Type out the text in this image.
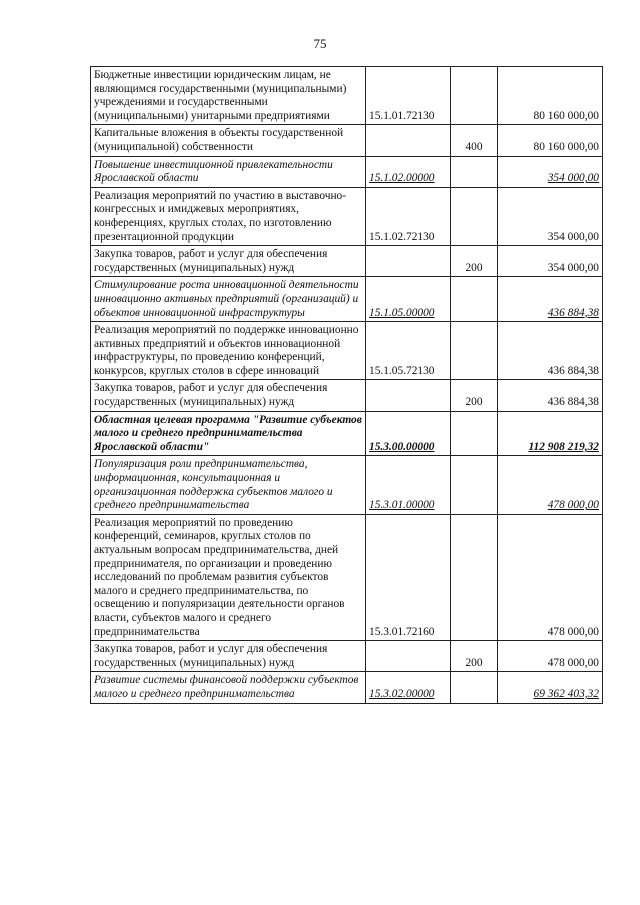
75
Бюджетные инвестиции юридическим лицам, не являющимся государственными (муниципальными) учреждениями и государственными (муниципальными) унитарными предприятиями	15.1.01.72130		80 160 000,00
Капитальные вложения в объекты государственной (муниципальной) собственности		400	80 160 000,00
Повышение инвестиционной привлекательности Ярославской области	15.1.02.00000		354 000,00
Реализация мероприятий по участию в выставочно-конгрессных и имиджевых мероприятиях, конференциях, круглых столах, по изготовлению презентационной продукции	15.1.02.72130		354 000,00
Закупка товаров, работ и услуг для обеспечения государственных (муниципальных) нужд		200	354 000,00
Стимулирование роста инновационной деятельности инновационно активных предприятий (организаций) и объектов инновационной инфраструктуры	15.1.05.00000		436 884,38
Реализация мероприятий по поддержке инновационно активных предприятий и объектов инновационной инфраструктуры, по проведению конференций, конкурсов, круглых столов в сфере инноваций	15.1.05.72130		436 884,38
Закупка товаров, работ и услуг для обеспечения государственных (муниципальных) нужд		200	436 884,38
Областная целевая программа "Развитие субъектов малого и среднего предпринимательства Ярославской области"	15.3.00.00000		112 908 219,32
Популяризация роли предпринимательства, информационная, консультационная и организационная поддержка субъектов малого и среднего предпринимательства	15.3.01.00000		478 000,00
Реализация мероприятий по проведению конференций, семинаров, круглых столов по актуальным вопросам предпринимательства, дней предпринимателя, по организации и проведению исследований по проблемам развития субъектов малого и среднего предпринимательства, по освещению и популяризации деятельности органов власти, субъектов малого и среднего предпринимательства	15.3.01.72160		478 000,00
Закупка товаров, работ и услуг для обеспечения государственных (муниципальных) нужд		200	478 000,00
Развитие системы финансовой поддержки субъектов малого и среднего предпринимательства	15.3.02.00000		69 362 403,32
